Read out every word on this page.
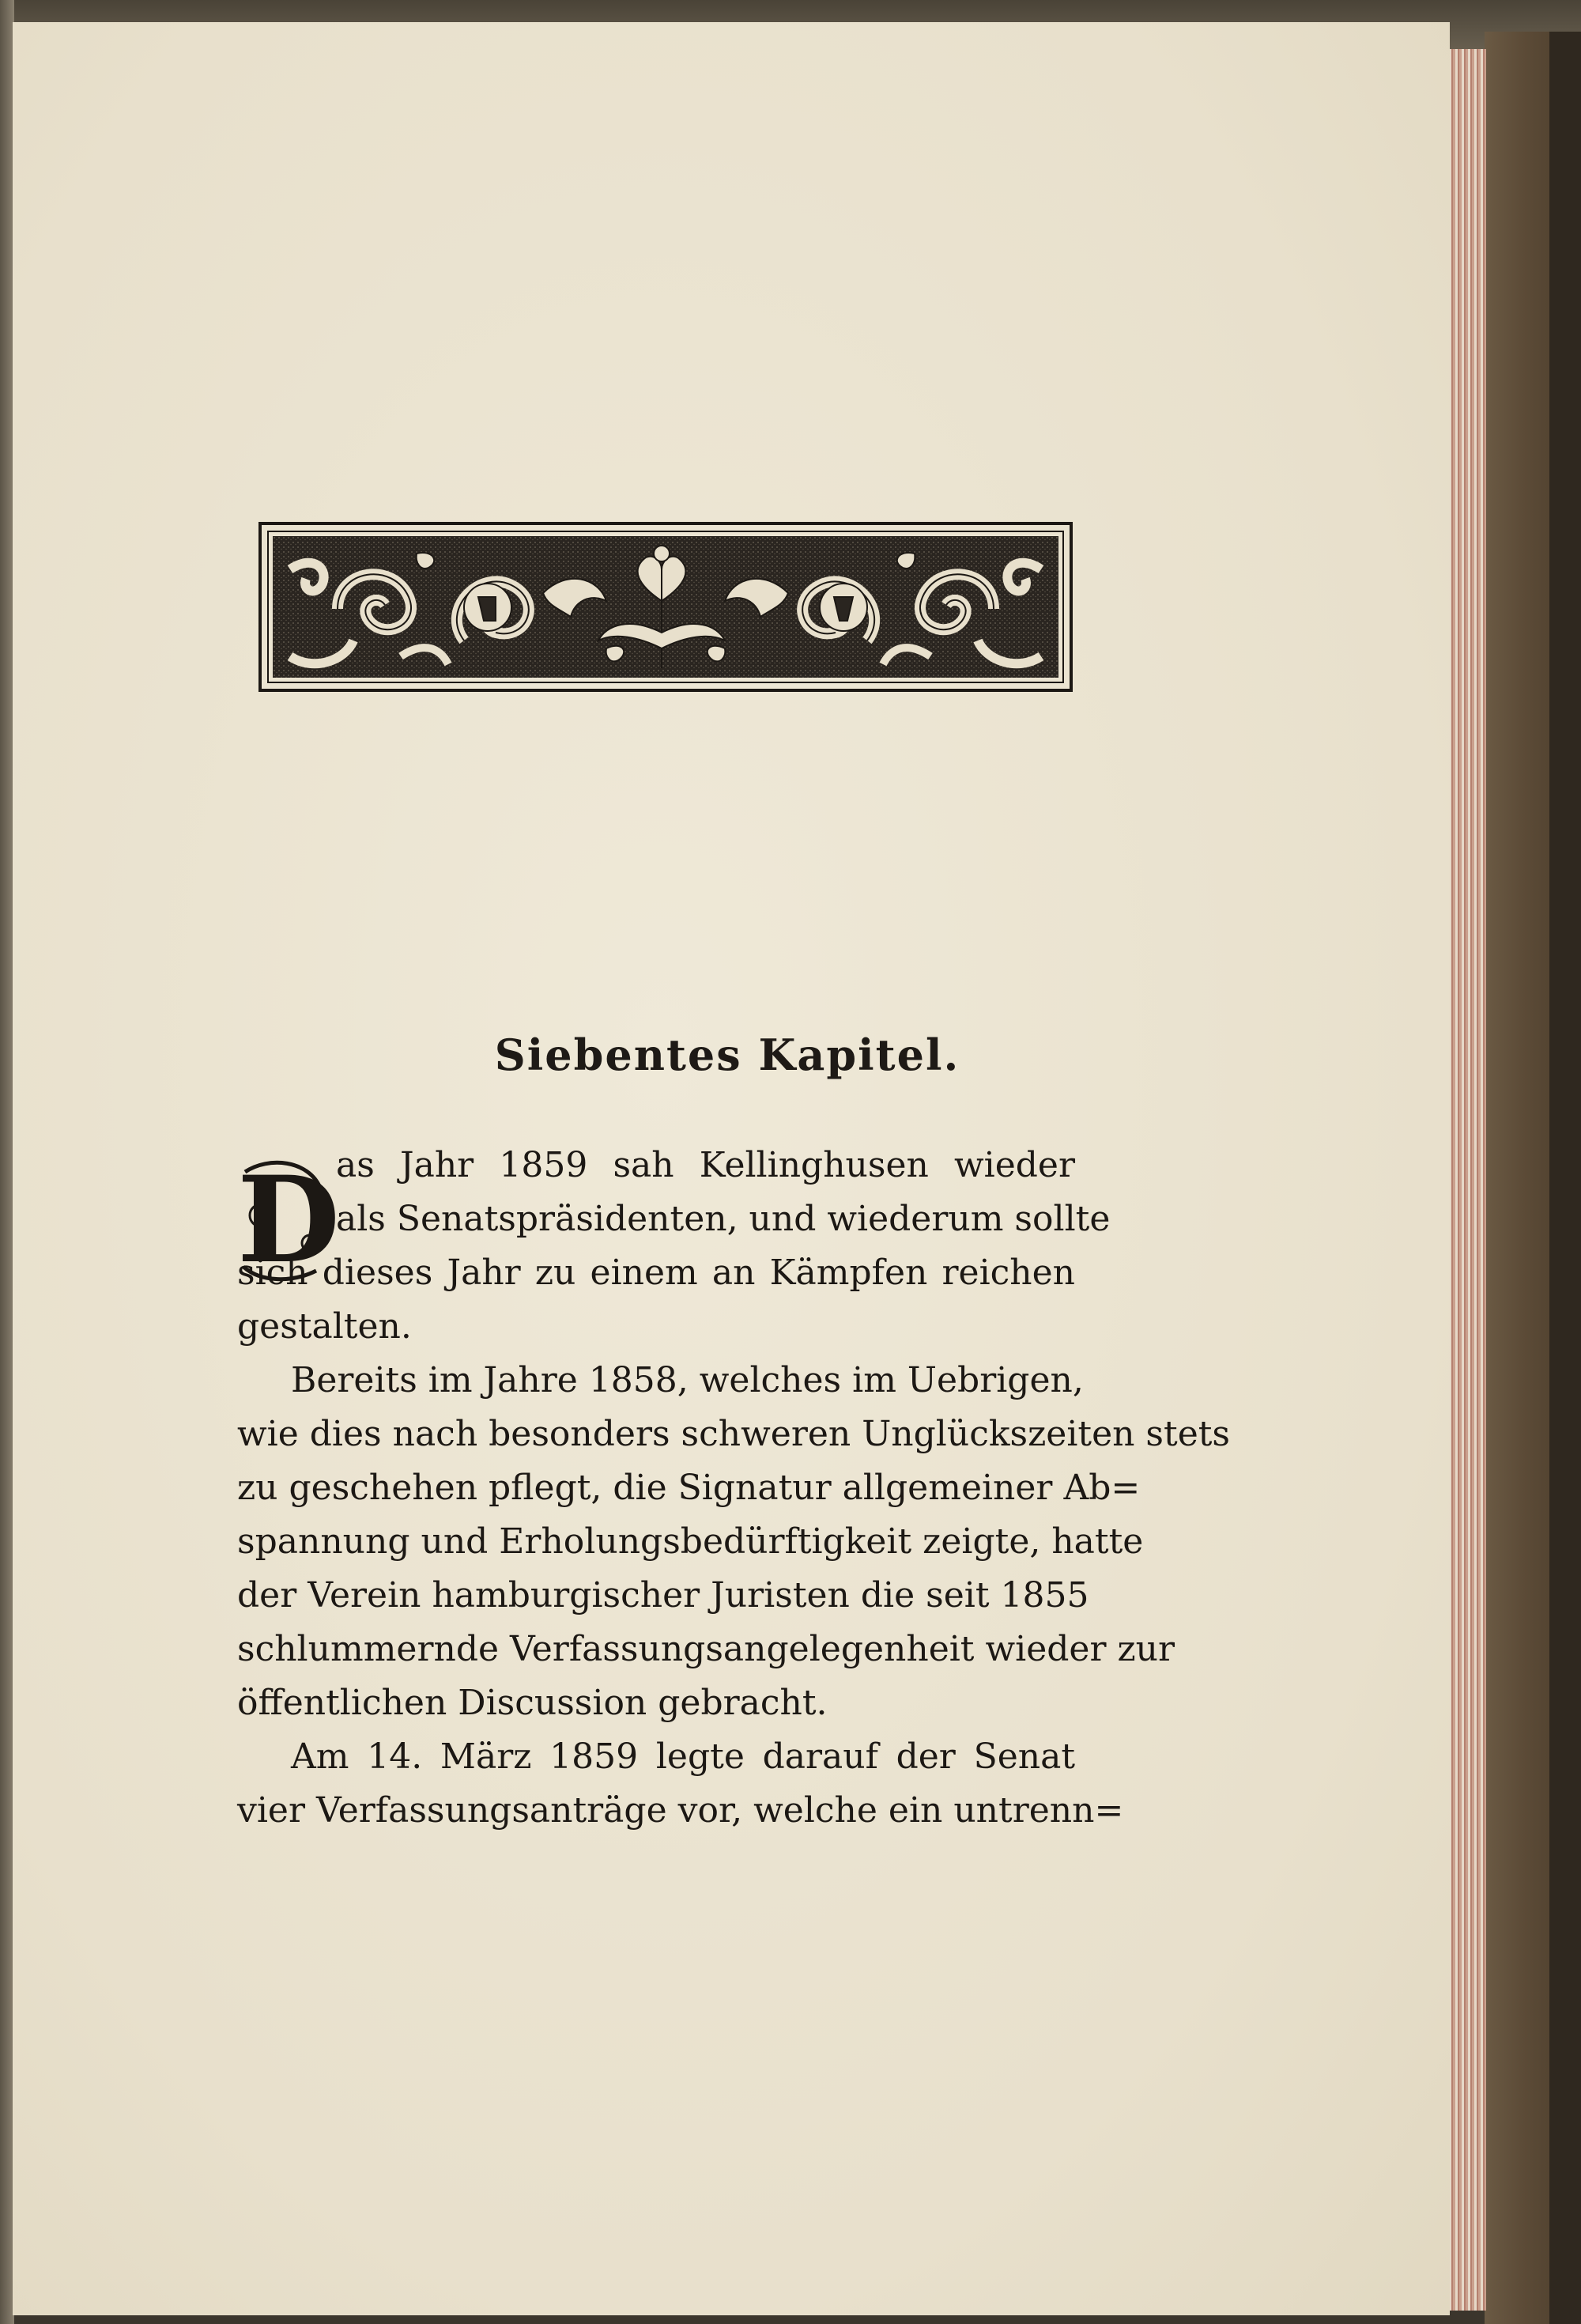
Siebentes Kapitel.
D
as Jahr 1859 sah Kellinghusen wieder
als Senatspräsidenten, und wiederum sollte
sich dieses Jahr zu einem an Kämpfen reichen
gestalten.
Bereits im Jahre 1858, welches im Uebrigen,
wie dies nach besonders schweren Unglückszeiten stets
zu geschehen pflegt, die Signatur allgemeiner Ab=
spannung und Erholungsbedürftigkeit zeigte, hatte
der Verein hamburgischer Juristen die seit 1855
schlummernde Verfassungsangelegenheit wieder zur
öffentlichen Discussion gebracht.
Am 14. März 1859 legte darauf der Senat
vier Verfassungsanträge vor, welche ein untrenn=
